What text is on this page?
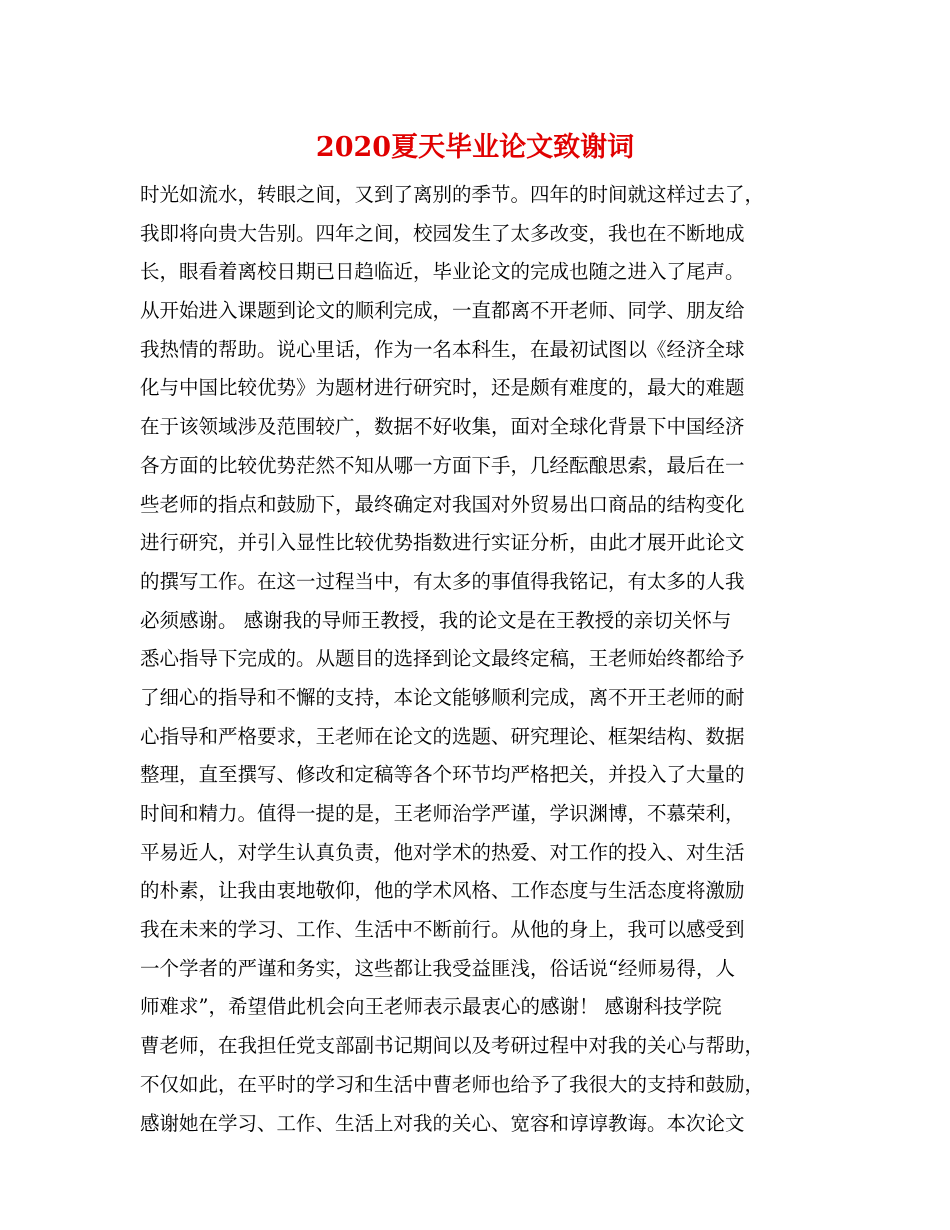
2020夏天毕业论文致谢词
时光如流水，转眼之间，又到了离别的季节。四年的时间就这样过去了，
我即将向贵大告别。四年之间，校园发生了太多改变，我也在不断地成
长，眼看着离校日期已日趋临近，毕业论文的完成也随之进入了尾声。
从开始进入课题到论文的顺利完成，一直都离不开老师、同学、朋友给
我热情的帮助。说心里话，作为一名本科生，在最初试图以《经济全球
化与中国比较优势》为题材进行研究时，还是颇有难度的，最大的难题
在于该领域涉及范围较广，数据不好收集，面对全球化背景下中国经济
各方面的比较优势茫然不知从哪一方面下手，几经酝酿思索，最后在一
些老师的指点和鼓励下，最终确定对我国对外贸易出口商品的结构变化
进行研究，并引入显性比较优势指数进行实证分析，由此才展开此论文
的撰写工作。在这一过程当中，有太多的事值得我铭记，有太多的人我
必须感谢。 感谢我的导师王教授，我的论文是在王教授的亲切关怀与
悉心指导下完成的。从题目的选择到论文最终定稿，王老师始终都给予
了细心的指导和不懈的支持，本论文能够顺利完成，离不开王老师的耐
心指导和严格要求，王老师在论文的选题、研究理论、框架结构、数据
整理，直至撰写、修改和定稿等各个环节均严格把关，并投入了大量的
时间和精力。值得一提的是，王老师治学严谨，学识渊博，不慕荣利，
平易近人，对学生认真负责，他对学术的热爱、对工作的投入、对生活
的朴素，让我由衷地敬仰，他的学术风格、工作态度与生活态度将激励
我在未来的学习、工作、生活中不断前行。从他的身上，我可以感受到
一个学者的严谨和务实，这些都让我受益匪浅，俗话说“经师易得，人
师难求”，希望借此机会向王老师表示最衷心的感谢！ 感谢科技学院
曹老师，在我担任党支部副书记期间以及考研过程中对我的关心与帮助，
不仅如此，在平时的学习和生活中曹老师也给予了我很大的支持和鼓励，
感谢她在学习、工作、生活上对我的关心、宽容和谆谆教诲。本次论文
